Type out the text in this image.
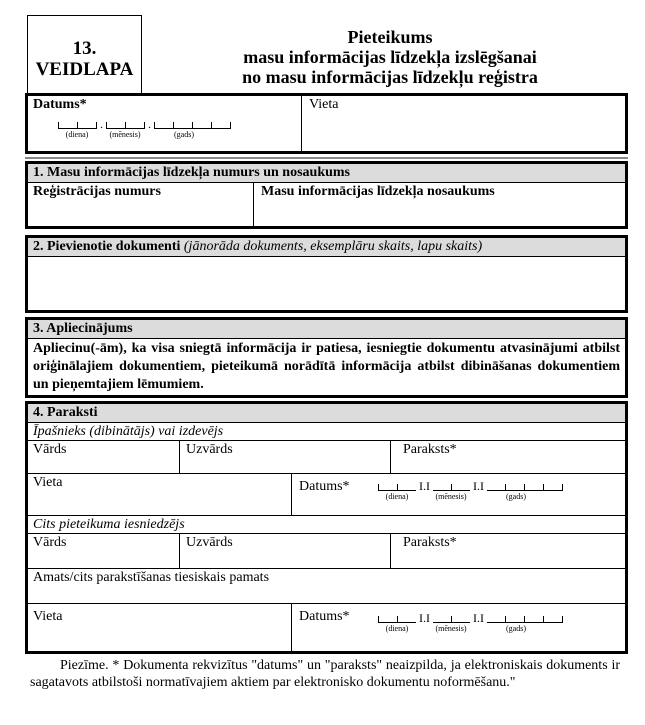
13.
VEIDLAPA
Pieteikums
masu informācijas līdzekļa izslēgšanai
no masu informācijas līdzekļu reģistra
Datums*
(diena)
.
(mēnesis)
.
(gads)
Vieta
1. Masu informācijas līdzekļa numurs un nosaukums
Reģistrācijas numurs	Masu informācijas līdzekļa nosaukums
2. Pievienotie dokumenti (jānorāda dokuments, eksemplāru skaits, lapu skaits)
3. Apliecinājums
Apliecinu(-ām), ka visa sniegtā informācija ir patiesa, iesniegtie dokumentu atvasinājumi atbilst oriģinālajiem dokumentiem, pieteikumā norādītā informācija atbilst dibināšanas dokumentiem un pieņemtajiem lēmumiem.
4. Paraksti
Īpašnieks (dibinātājs) vai izdevējs
Vārds	Uzvārds	Paraksts*
Vieta	Datums*
(diena)
I.I
(mēnesis)
I.I
(gads)
Cits pieteikuma iesniedzējs
Vārds	Uzvārds	Paraksts*
Amats/cits parakstīšanas tiesiskais pamats
Vieta	Datums*
(diena)
I.I
(mēnesis)
I.I
(gads)
Piezīme. * Dokumenta rekvizītus "datums" un "paraksts" neaizpilda, ja elektroniskais dokuments ir sagatavots atbilstoši normatīvajiem aktiem par elektronisko dokumentu noformēšanu."
